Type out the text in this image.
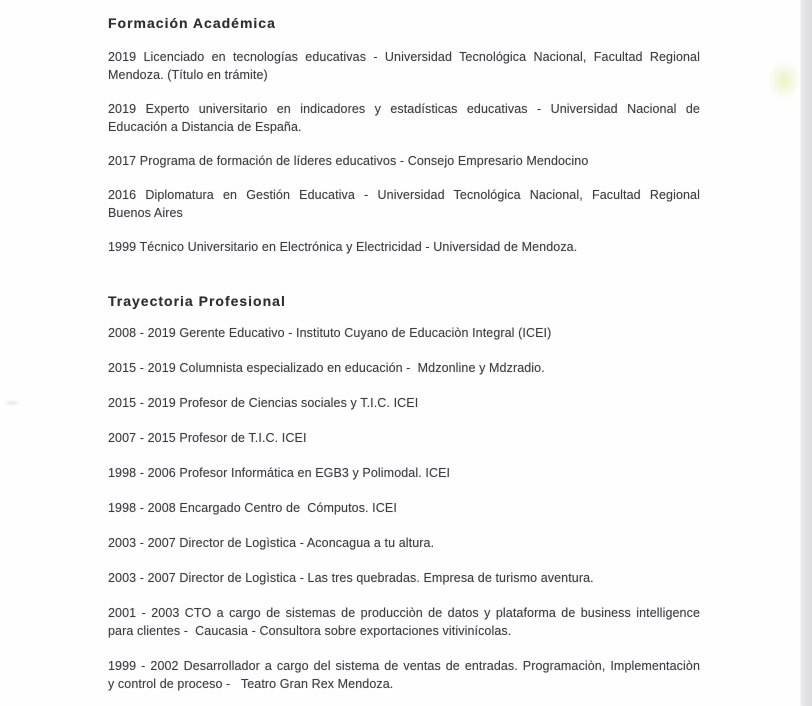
Formación Académica

2019 Licenciado en tecnologías educativas - Universidad Tecnológica Nacional, Facultad Regional
Mendoza. (Título en trámite)

2019 Experto universitario en indicadores y estadísticas educativas - Universidad Nacional de
Educación a Distancia de España.

2017 Programa de formación de líderes educativos - Consejo Empresario Mendocino

2016 Diplomatura en Gestión Educativa - Universidad Tecnológica Nacional, Facultad Regional
Buenos Aires

1999 Técnico Universitario en Electrónica y Electricidad - Universidad de Mendoza.

Trayectoria Profesional

2008 - 2019 Gerente Educativo - Instituto Cuyano de Educaciòn Integral (ICEI)

2015 - 2019 Columnista especializado en educación -  Mdzonline y Mdzradio.

2015 - 2019 Profesor de Ciencias sociales y T.I.C. ICEI

2007 - 2015 Profesor de T.I.C. ICEI

1998 - 2006 Profesor Informática en EGB3 y Polimodal. ICEI

1998 - 2008 Encargado Centro de  Cómputos. ICEI

2003 - 2007 Director de Logìstica - Aconcagua a tu altura.

2003 - 2007 Director de Logìstica - Las tres quebradas. Empresa de turismo aventura.

2001 - 2003 CTO a cargo de sistemas de producciòn de datos y plataforma de business intelligence
para clientes -  Caucasia - Consultora sobre exportaciones vitivinícolas.

1999 - 2002 Desarrollador a cargo del sistema de ventas de entradas. Programaciòn, Implementaciòn
y control de proceso -   Teatro Gran Rex Mendoza.
